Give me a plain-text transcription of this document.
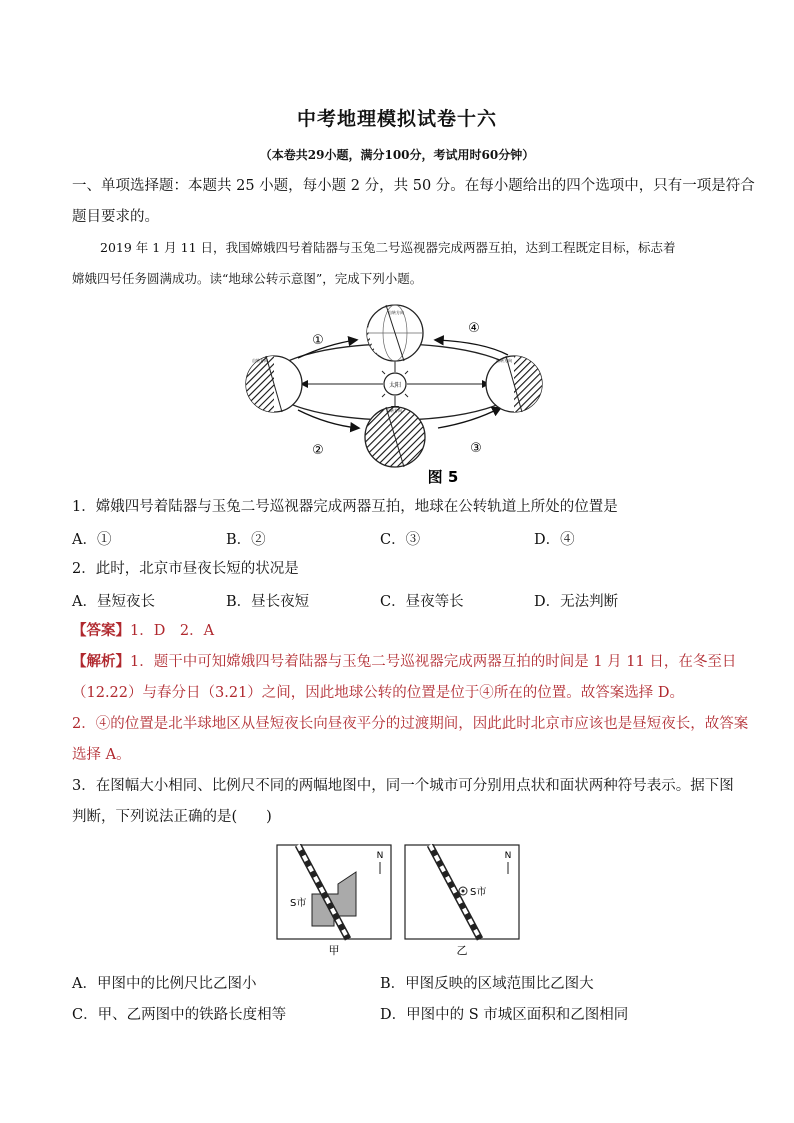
中考地理模拟试卷十六
（本卷共29小题，满分100分，考试用时60分钟）
一、单项选择题：本题共 25 小题，每小题 2 分，共 50 分。在每小题给出的四个选项中，只有一项是符合
题目要求的。
2019 年 1 月 11 日，我国嫦娥四号着陆器与玉兔二号巡视器完成两器互拍，达到工程既定目标，标志着
嫦娥四号任务圆满成功。读“地球公转示意图”，完成下列小题。
太阳
自转方向
自转方向	自转方向
自转方向
①
②	③
④
图 5
1．嫦娥四号着陆器与玉兔二号巡视器完成两器互拍，地球在公转轨道上所处的位置是
A．①	B．②	C．③	D．④
2．此时，北京市昼夜长短的状况是
A．昼短夜长	B．昼长夜短	C．昼夜等长	D．无法判断
【答案】1．D　2．A
【解析】1．题干中可知嫦娥四号着陆器与玉兔二号巡视器完成两器互拍的时间是 1 月 11 日，在冬至日
（12.22）与春分日（3.21）之间，因此地球公转的位置是位于④所在的位置。故答案选择 D。
2．④的位置是北半球地区从昼短夜长向昼夜平分的过渡期间，因此此时北京市应该也是昼短夜长，故答案
选择 A。
3．在图幅大小相同、比例尺不同的两幅地图中，同一个城市可分别用点状和面状两种符号表示。据下图
判断，下列说法正确的是(　　)
N
S市
甲
S市
N
乙
A．甲图中的比例尺比乙图小	B．甲图反映的区域范围比乙图大
C．甲、乙两图中的铁路长度相等	D．甲图中的 S 市城区面积和乙图相同
